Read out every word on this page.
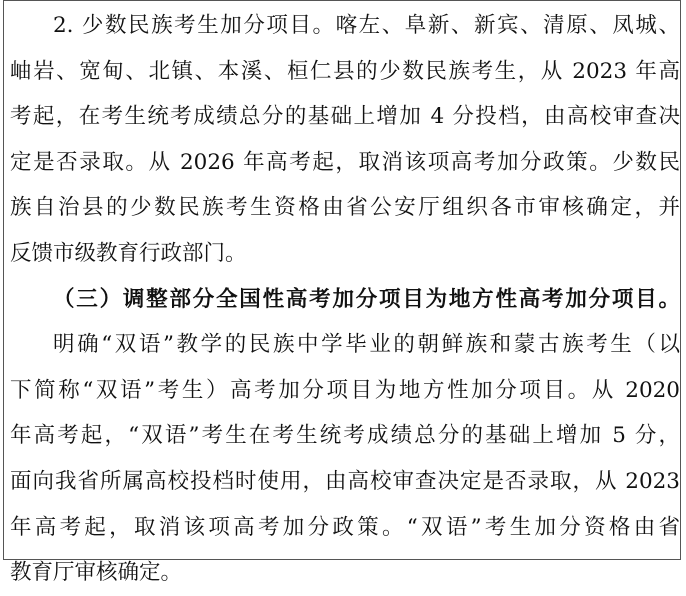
2. 少数民族考生加分项目。喀左、阜新、新宾、清原、凤城、
岫岩、宽甸、北镇、本溪、桓仁县的少数民族考生，从 2023 年高
考起，在考生统考成绩总分的基础上增加 4 分投档，由高校审查决
定是否录取。从 2026 年高考起，取消该项高考加分政策。少数民
族自治县的少数民族考生资格由省公安厅组织各市审核确定，并
反馈市级教育行政部门。
（三）调整部分全国性高考加分项目为地方性高考加分项目。
明确“双语”教学的民族中学毕业的朝鲜族和蒙古族考生（以
下简称“双语”考生）高考加分项目为地方性加分项目。从 2020
年高考起，“双语”考生在考生统考成绩总分的基础上增加 5 分，
面向我省所属高校投档时使用，由高校审查决定是否录取，从 2023
年高考起，取消该项高考加分政策。“双语”考生加分资格由省
教育厅审核确定。
